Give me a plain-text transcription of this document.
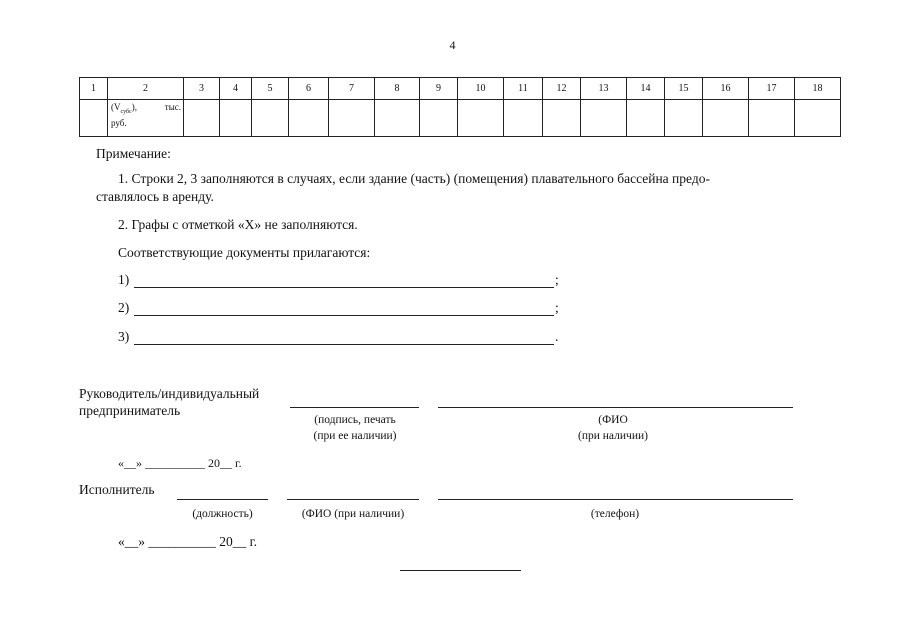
4
1	2	3	4	5	6	7	8	9	10	11	12	13	14	15	16	17	18

	$(V_{субс})$, тыс.
руб.																

Примечание:
1. Строки 2, 3 заполняются в случаях, если здание (часть) (помещения) плавательного бассейна предо-
ставлялось в аренду.
2. Графы с отметкой «X» не заполняются.
Соответствующие документы прилагаются:
1)	;
2)	;
3)	.
Руководитель/индивидуальный
предприниматель
(подпись, печать
(при ее наличии)
(ФИО
(при наличии)
«__» __________ 20__ г.
Исполнитель
(должность)	(ФИО (при наличии)	(телефон)
«__» __________ 20__ г.
